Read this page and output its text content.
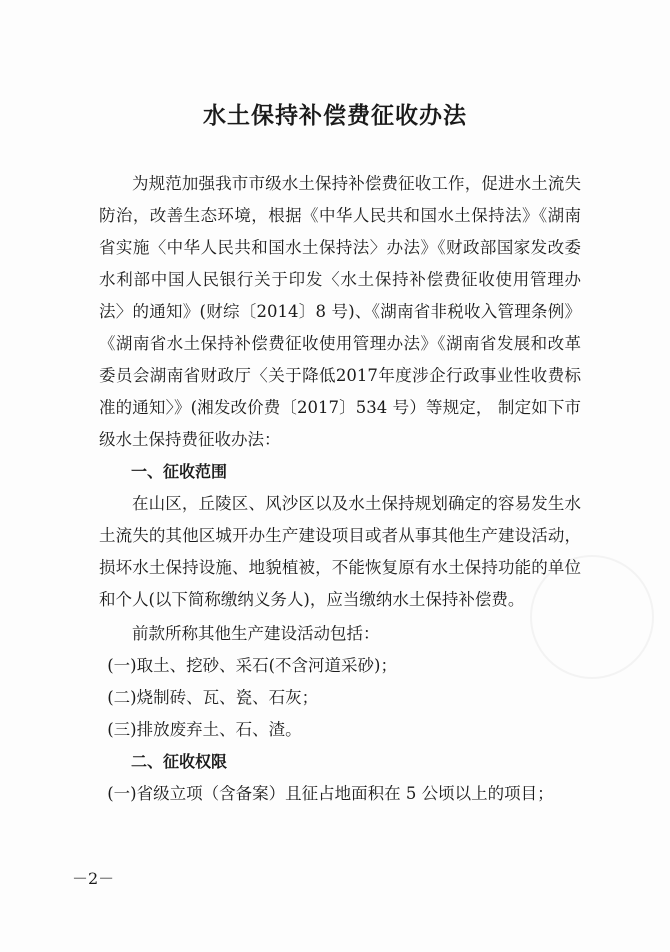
水土保持补偿费征收办法

为规范加强我市市级水土保持补偿费征收工作，促进水土流失防治，改善生态环境，根据《中华人民共和国水土保持法》《湖南省实施〈中华人民共和国水土保持法〉办法》《财政部国家发改委水利部中国人民银行关于印发〈水土保持补偿费征收使用管理办法〉的通知》(财综〔2014〕8 号)、《湖南省非税收入管理条例》《湖南省水土保持补偿费征收使用管理办法》《湖南省发展和改革委员会湖南省财政厅〈关于降低2017年度涉企行政事业性收费标准的通知〉》(湘发改价费〔2017〕534 号）等规定， 制定如下市级水土保持费征收办法：

一、征收范围

在山区，丘陵区、风沙区以及水土保持规划确定的容易发生水土流失的其他区城开办生产建设项目或者从事其他生产建设活动，损坏水土保持设施、地貌植被，不能恢复原有水土保持功能的单位和个人(以下简称缴纳义务人)，应当缴纳水土保持补偿费。

前款所称其他生产建设活动包括：

(一)取土、挖砂、采石(不含河道采砂)；

(二)烧制砖、瓦、瓷、石灰；

(三)排放废弃土、石、渣。

二、征收权限

(一)省级立项（含备案）且征占地面积在 5 公顷以上的项目；

－2－
